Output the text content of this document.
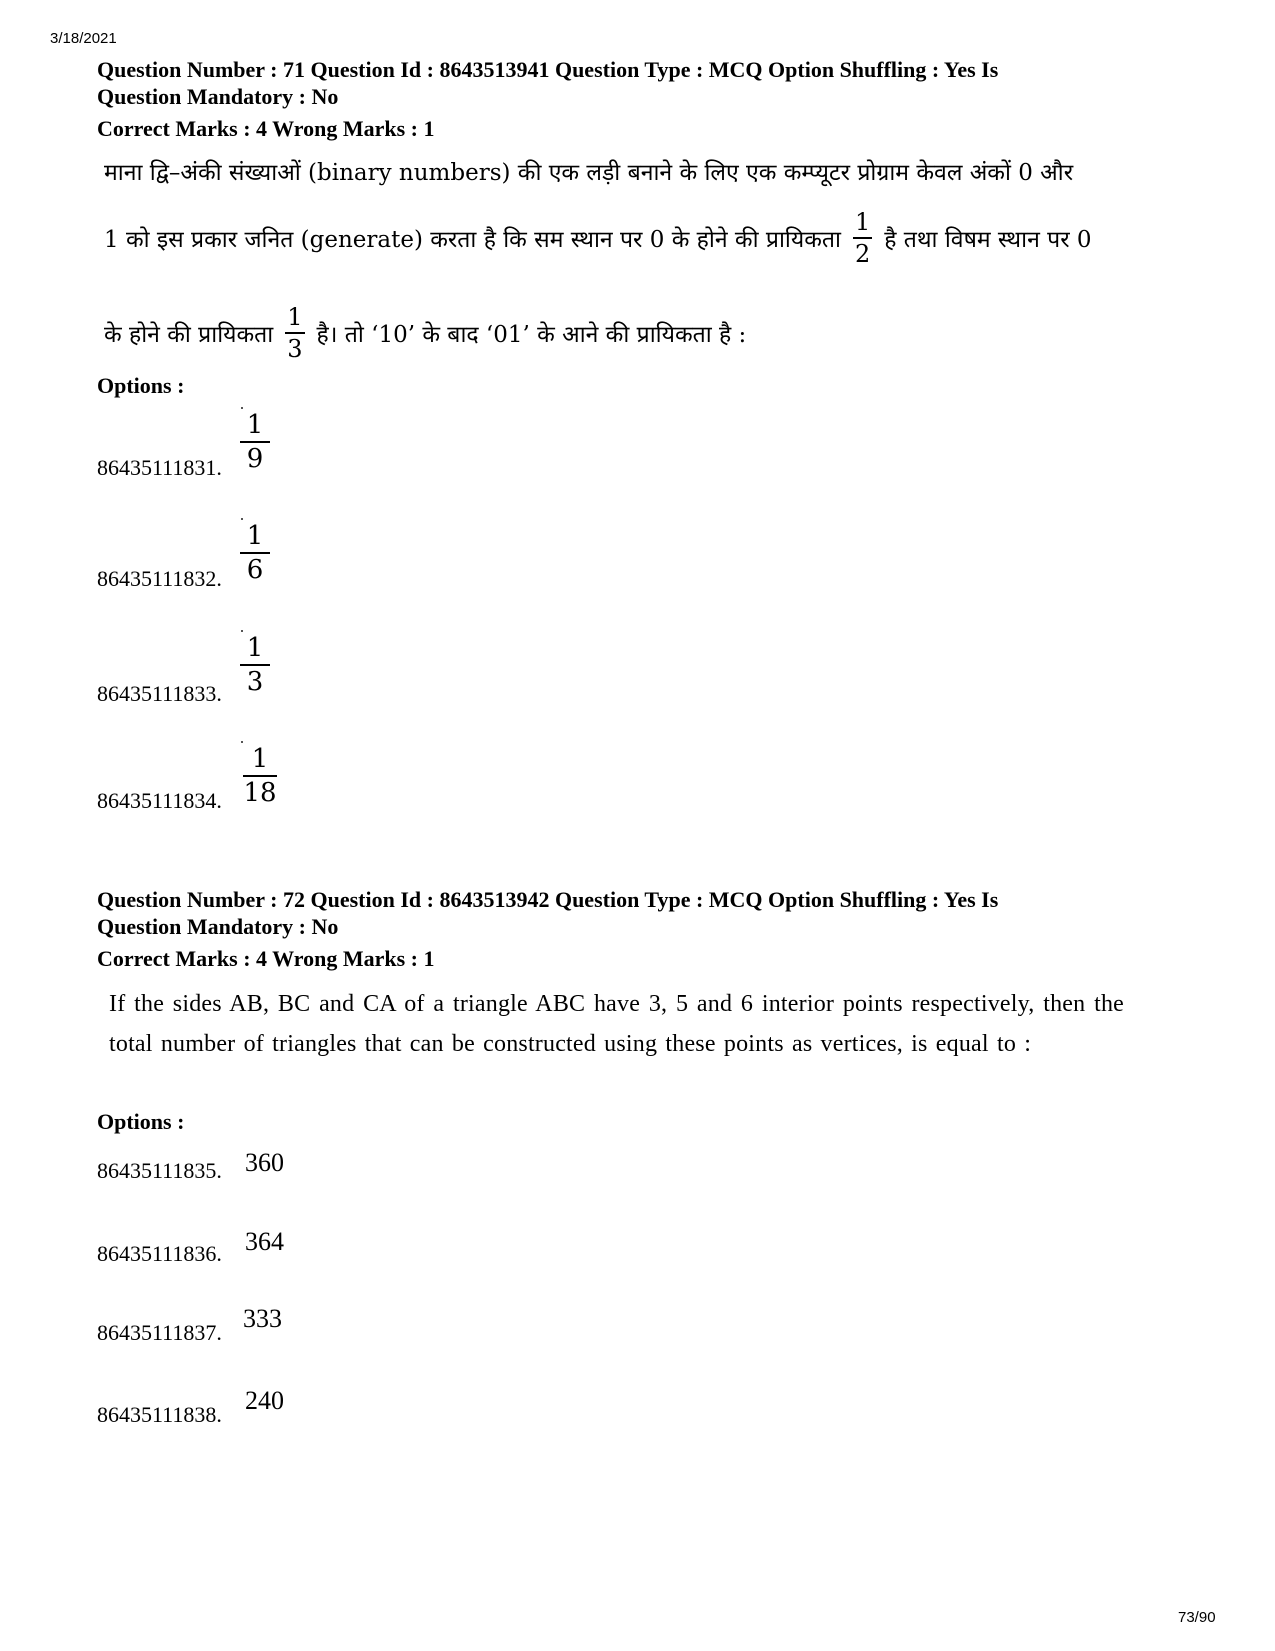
3/18/2021
Question Number : 71 Question Id : 8643513941 Question Type : MCQ Option Shuffling : Yes Is
Question Mandatory : No
Correct Marks : 4 Wrong Marks : 1
माना द्वि–अंकी संख्याओं (binary numbers) की एक लड़ी बनाने के लिए एक कम्प्यूटर प्रोग्राम केवल अंकों 0 और
1 को इस प्रकार जनित (generate) करता है कि सम स्थान पर 0 के होने की प्रायिकता $\frac{1}{2}$ है तथा विषम स्थान पर 0
के होने की प्रायिकता $\frac{1}{3}$ है। तो ‘10’ के बाद ‘01’ के आने की प्रायिकता है :
Options :
86435111831. $\frac{1}{9}$
86435111832. $\frac{1}{6}$
86435111833. $\frac{1}{3}$
86435111834. $\frac{1}{18}$
Question Number : 72 Question Id : 8643513942 Question Type : MCQ Option Shuffling : Yes Is
Question Mandatory : No
Correct Marks : 4 Wrong Marks : 1
If the sides AB, BC and CA of a triangle ABC have 3, 5 and 6 interior points respectively, then the total number of triangles that can be constructed using these points as vertices, is equal to :
Options :
86435111835. 360
86435111836. 364
86435111837. 333
86435111838. 240
73/90
